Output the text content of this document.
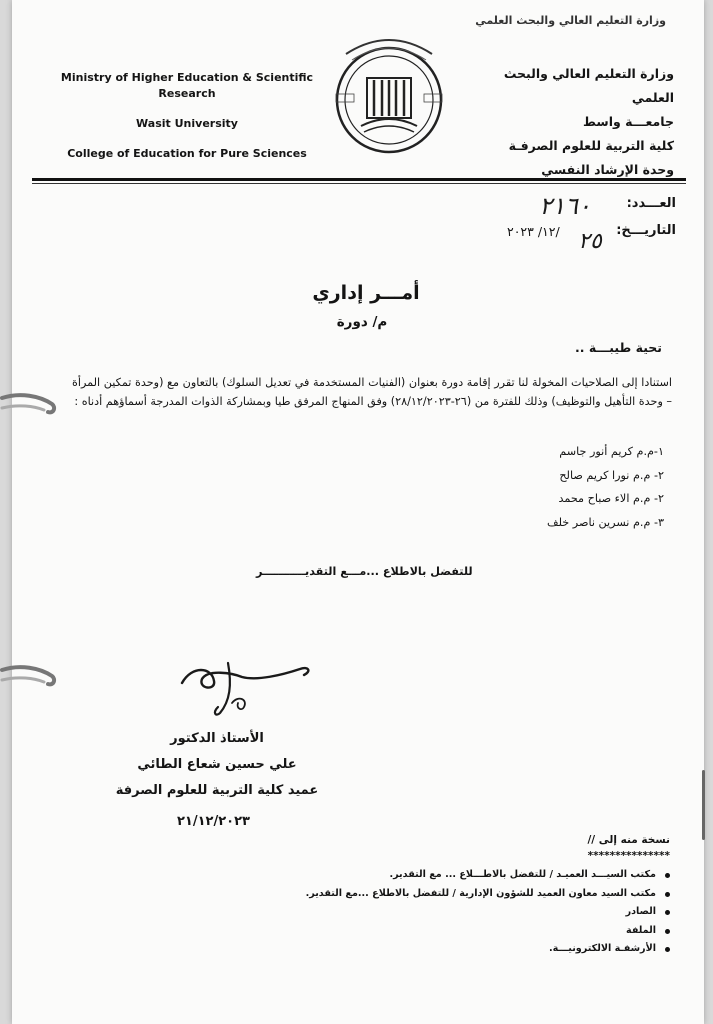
وزارة التعليم العالي والبحث العلمي
Ministry of Higher Education & Scientific
Research
Wasit University
College of Education for Pure Sciences
وزارة التعليم العالي والبحث العلمي
جامعـــة واسط
كلية التربية للعلوم الصرفـة
وحدة الإرشاد النفسي
العـــدد:
٢١٦٠
التاريـــخ:
/١٢/ ٢٠٢٣ ٢٥
أمـــر إداري
م/ دورة
تحية طيبـــة ..
استنادا إلى الصلاحيات المخولة لنا تقرر إقامة دورة بعنوان (الفنيات المستخدمة في تعديل السلوك) بالتعاون مع (وحدة تمكين المرأة – وحدة التأهيل والتوظيف) وذلك للفترة من (٢٦-٢٨/١٢/٢٠٢٣) وفق المنهاج المرفق طيا وبمشاركة الذوات المدرجة أسماؤهم أدناه :
١-م.م كريم أنور جاسم
٢- م.م نورا كريم صالح
٢- م.م الاء صباح محمد
٣- م.م نسرين ناصر خلف
للتفضل بالاطلاع ...مـــع التقديـــــــــــر
الأستاذ الدكتور
علي حسين شعاع الطائي
عميد كلية التربية للعلوم الصرفة
٢١/١٢/٢٠٢٣
نسخة منه إلى //
***************
مكتب السيـــد العميـد / للتفضل بالاطـــلاع ... مع التقدير.
مكتب السيد معاون العميد للشؤون الإدارية / للتفضل بالاطلاع ...مع التقدير.
الصادر
الملفة
الأرشفـة الالكترونيـــة.
